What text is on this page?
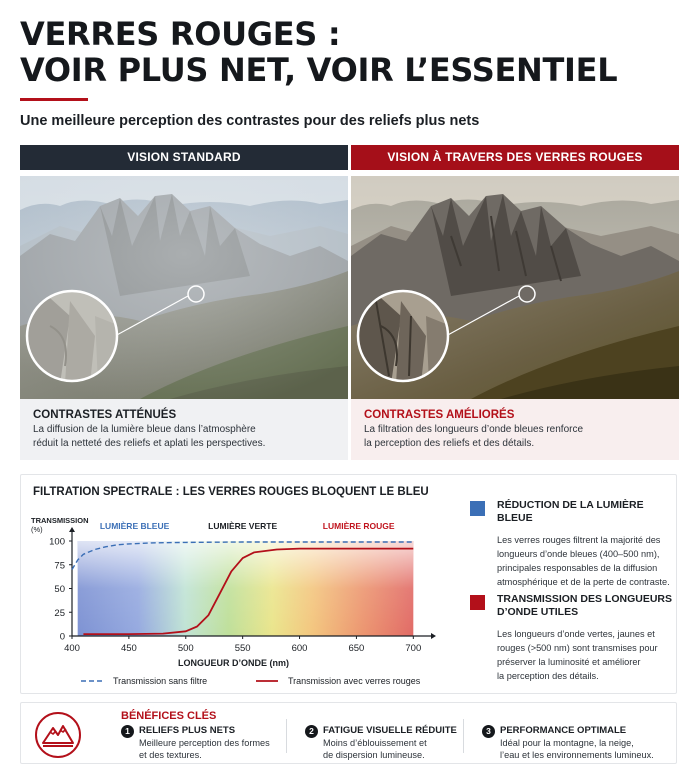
VERRES ROUGES :
VOIR PLUS NET, VOIR L’ESSENTIEL
Une meilleure perception des contrastes pour des reliefs plus nets
VISION STANDARD
CONTRASTES ATTÉNUÉS
La diffusion de la lumière bleue dans l’atmosphère
réduit la netteté des reliefs et aplati les perspectives.
VISION À TRAVERS DES VERRES ROUGES
CONTRASTES AMÉLIORÉS
La filtration des longueurs d’onde bleues renforce
la perception des reliefs et des détails.
FILTRATION SPECTRALE : LES VERRES ROUGES BLOQUENT LE BLEU
0
25
50
75
100
400	450	500	550	600	650	700
TRANSMISSION
(%)
LONGUEUR D’ONDE (nm)
LUMIÈRE BLEUE	LUMIÈRE VERTE	LUMIÈRE ROUGE
Transmission sans filtre	Transmission avec verres rouges
RÉDUCTION DE LA LUMIÈRE BLEUE
Les verres rouges filtrent la majorité des
longueurs d’onde bleues (400–500 nm),
principales responsables de la diffusion
atmosphérique et de la perte de contraste.
TRANSMISSION DES LONGUEURS
D’ONDE UTILES
Les longueurs d’onde vertes, jaunes et
rouges (>500 nm) sont transmises pour
préserver la luminosité et améliorer
la perception des détails.
BÉNÉFICES CLÉS
1 RELIEFS PLUS NETS
Meilleure perception des formes
et des textures.
2 FATIGUE VISUELLE RÉDUITE
Moins d’éblouissement et
de dispersion lumineuse.
3 PERFORMANCE OPTIMALE
Idéal pour la montagne, la neige,
l’eau et les environnements lumineux.
